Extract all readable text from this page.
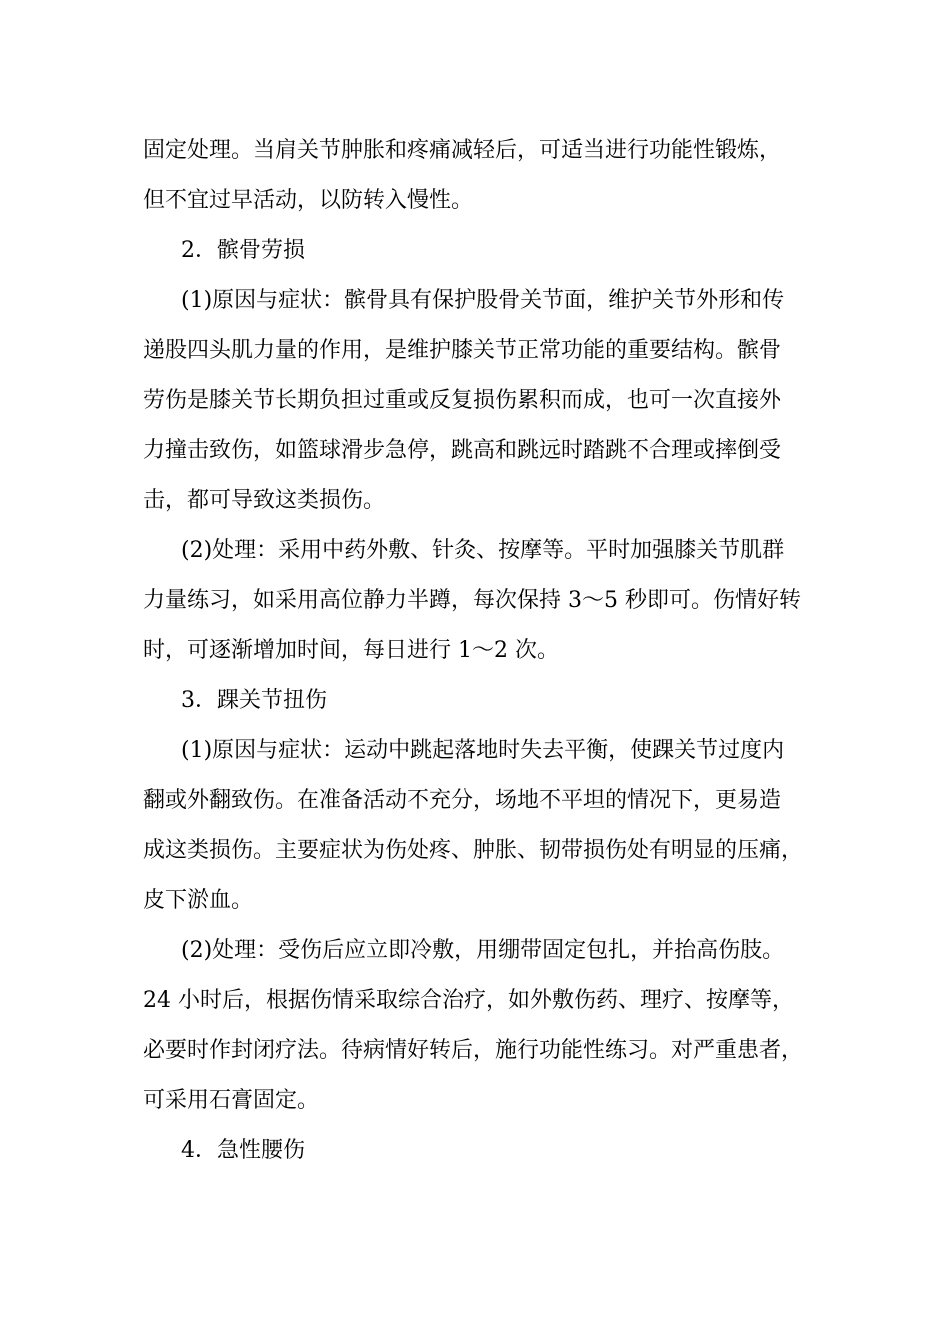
固定处理。当肩关节肿胀和疼痛减轻后，可适当进行功能性锻炼，
但不宜过早活动，以防转入慢性。
2．髌骨劳损
(1)原因与症状：髌骨具有保护股骨关节面，维护关节外形和传
递股四头肌力量的作用，是维护膝关节正常功能的重要结构。髌骨
劳伤是膝关节长期负担过重或反复损伤累积而成，也可一次直接外
力撞击致伤，如篮球滑步急停，跳高和跳远时踏跳不合理或摔倒受
击，都可导致这类损伤。
(2)处理：采用中药外敷、针灸、按摩等。平时加强膝关节肌群
力量练习，如采用高位静力半蹲，每次保持 3～5 秒即可。伤情好转
时，可逐渐增加时间，每日进行 1～2 次。
3．踝关节扭伤
(1)原因与症状：运动中跳起落地时失去平衡，使踝关节过度内
翻或外翻致伤。在准备活动不充分，场地不平坦的情况下，更易造
成这类损伤。主要症状为伤处疼、肿胀、韧带损伤处有明显的压痛，
皮下淤血。
(2)处理：受伤后应立即冷敷，用绷带固定包扎，并抬高伤肢。
24 小时后，根据伤情采取综合治疗，如外敷伤药、理疗、按摩等，
必要时作封闭疗法。待病情好转后，施行功能性练习。对严重患者，
可采用石膏固定。
4．急性腰伤
